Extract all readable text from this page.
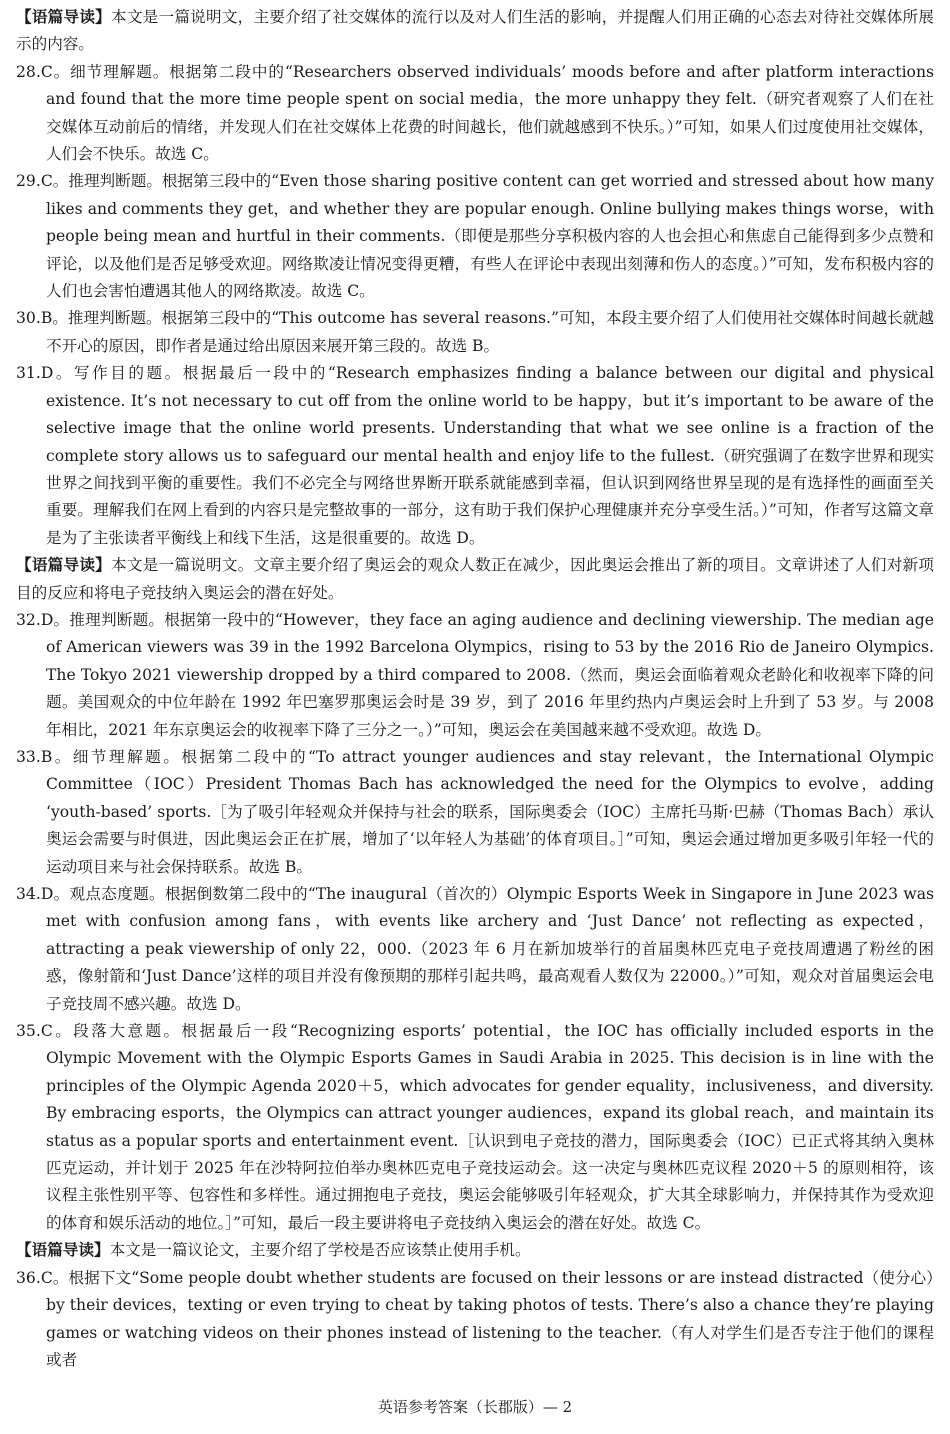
【语篇导读】本文是一篇说明文，主要介绍了社交媒体的流行以及对人们生活的影响，并提醒人们用正确的心态去对待社交媒体所展示的内容。

28.C。细节理解题。根据第二段中的“Researchers observed individuals’ moods before and after platform interactions and found that the more time people spent on social media，the more unhappy they felt.（研究者观察了人们在社交媒体互动前后的情绪，并发现人们在社交媒体上花费的时间越长，他们就越感到不快乐。）”可知，如果人们过度使用社交媒体，人们会不快乐。故选 C。

29.C。推理判断题。根据第三段中的“Even those sharing positive content can get worried and stressed about how many likes and comments they get，and whether they are popular enough. Online bullying makes things worse，with people being mean and hurtful in their comments.（即便是那些分享积极内容的人也会担心和焦虑自己能得到多少点赞和评论，以及他们是否足够受欢迎。网络欺凌让情况变得更糟，有些人在评论中表现出刻薄和伤人的态度。）”可知，发布积极内容的人们也会害怕遭遇其他人的网络欺凌。故选 C。

30.B。推理判断题。根据第三段中的“This outcome has several reasons.”可知，本段主要介绍了人们使用社交媒体时间越长就越不开心的原因，即作者是通过给出原因来展开第三段的。故选 B。

31.D。写作目的题。根据最后一段中的“Research emphasizes finding a balance between our digital and physical existence. It’s not necessary to cut off from the online world to be happy，but it’s important to be aware of the selective image that the online world presents. Understanding that what we see online is a fraction of the complete story allows us to safeguard our mental health and enjoy life to the fullest.（研究强调了在数字世界和现实世界之间找到平衡的重要性。我们不必完全与网络世界断开联系就能感到幸福，但认识到网络世界呈现的是有选择性的画面至关重要。理解我们在网上看到的内容只是完整故事的一部分，这有助于我们保护心理健康并充分享受生活。）”可知，作者写这篇文章是为了主张读者平衡线上和线下生活，这是很重要的。故选 D。

【语篇导读】本文是一篇说明文。文章主要介绍了奥运会的观众人数正在减少，因此奥运会推出了新的项目。文章讲述了人们对新项目的反应和将电子竞技纳入奥运会的潜在好处。

32.D。推理判断题。根据第一段中的“However，they face an aging audience and declining viewership. The median age of American viewers was 39 in the 1992 Barcelona Olympics，rising to 53 by the 2016 Rio de Janeiro Olympics. The Tokyo 2021 viewership dropped by a third compared to 2008.（然而，奥运会面临着观众老龄化和收视率下降的问题。美国观众的中位年龄在 1992 年巴塞罗那奥运会时是 39 岁，到了 2016 年里约热内卢奥运会时上升到了 53 岁。与 2008 年相比，2021 年东京奥运会的收视率下降了三分之一。）”可知，奥运会在美国越来越不受欢迎。故选 D。

33.B。细节理解题。根据第二段中的“To attract younger audiences and stay relevant，the International Olympic Committee（IOC）President Thomas Bach has acknowledged the need for the Olympics to evolve，adding ‘youth-based’ sports.［为了吸引年轻观众并保持与社会的联系，国际奥委会（IOC）主席托马斯·巴赫（Thomas Bach）承认奥运会需要与时俱进，因此奥运会正在扩展，增加了‘以年轻人为基础’的体育项目。］”可知，奥运会通过增加更多吸引年轻一代的运动项目来与社会保持联系。故选 B。

34.D。观点态度题。根据倒数第二段中的“The inaugural（首次的）Olympic Esports Week in Singapore in June 2023 was met with confusion among fans，with events like archery and ‘Just Dance’ not reflecting as expected，attracting a peak viewership of only 22，000.（2023 年 6 月在新加坡举行的首届奥林匹克电子竞技周遭遇了粉丝的困惑，像射箭和‘Just Dance’这样的项目并没有像预期的那样引起共鸣，最高观看人数仅为 22000。）”可知，观众对首届奥运会电子竞技周不感兴趣。故选 D。

35.C。段落大意题。根据最后一段“Recognizing esports’ potential，the IOC has officially included esports in the Olympic Movement with the Olympic Esports Games in Saudi Arabia in 2025. This decision is in line with the principles of the Olympic Agenda 2020＋5，which advocates for gender equality，inclusiveness，and diversity. By embracing esports，the Olympics can attract younger audiences，expand its global reach，and maintain its status as a popular sports and entertainment event.［认识到电子竞技的潜力，国际奥委会（IOC）已正式将其纳入奥林匹克运动，并计划于 2025 年在沙特阿拉伯举办奥林匹克电子竞技运动会。这一决定与奥林匹克议程 2020＋5 的原则相符，该议程主张性别平等、包容性和多样性。通过拥抱电子竞技，奥运会能够吸引年轻观众，扩大其全球影响力，并保持其作为受欢迎的体育和娱乐活动的地位。］”可知，最后一段主要讲将电子竞技纳入奥运会的潜在好处。故选 C。

【语篇导读】本文是一篇议论文，主要介绍了学校是否应该禁止使用手机。

36.C。根据下文“Some people doubt whether students are focused on their lessons or are instead distracted（使分心）by their devices，texting or even trying to cheat by taking photos of tests. There’s also a chance they’re playing games or watching videos on their phones instead of listening to the teacher.（有人对学生们是否专注于他们的课程或者

英语参考答案（长郡版）— 2
